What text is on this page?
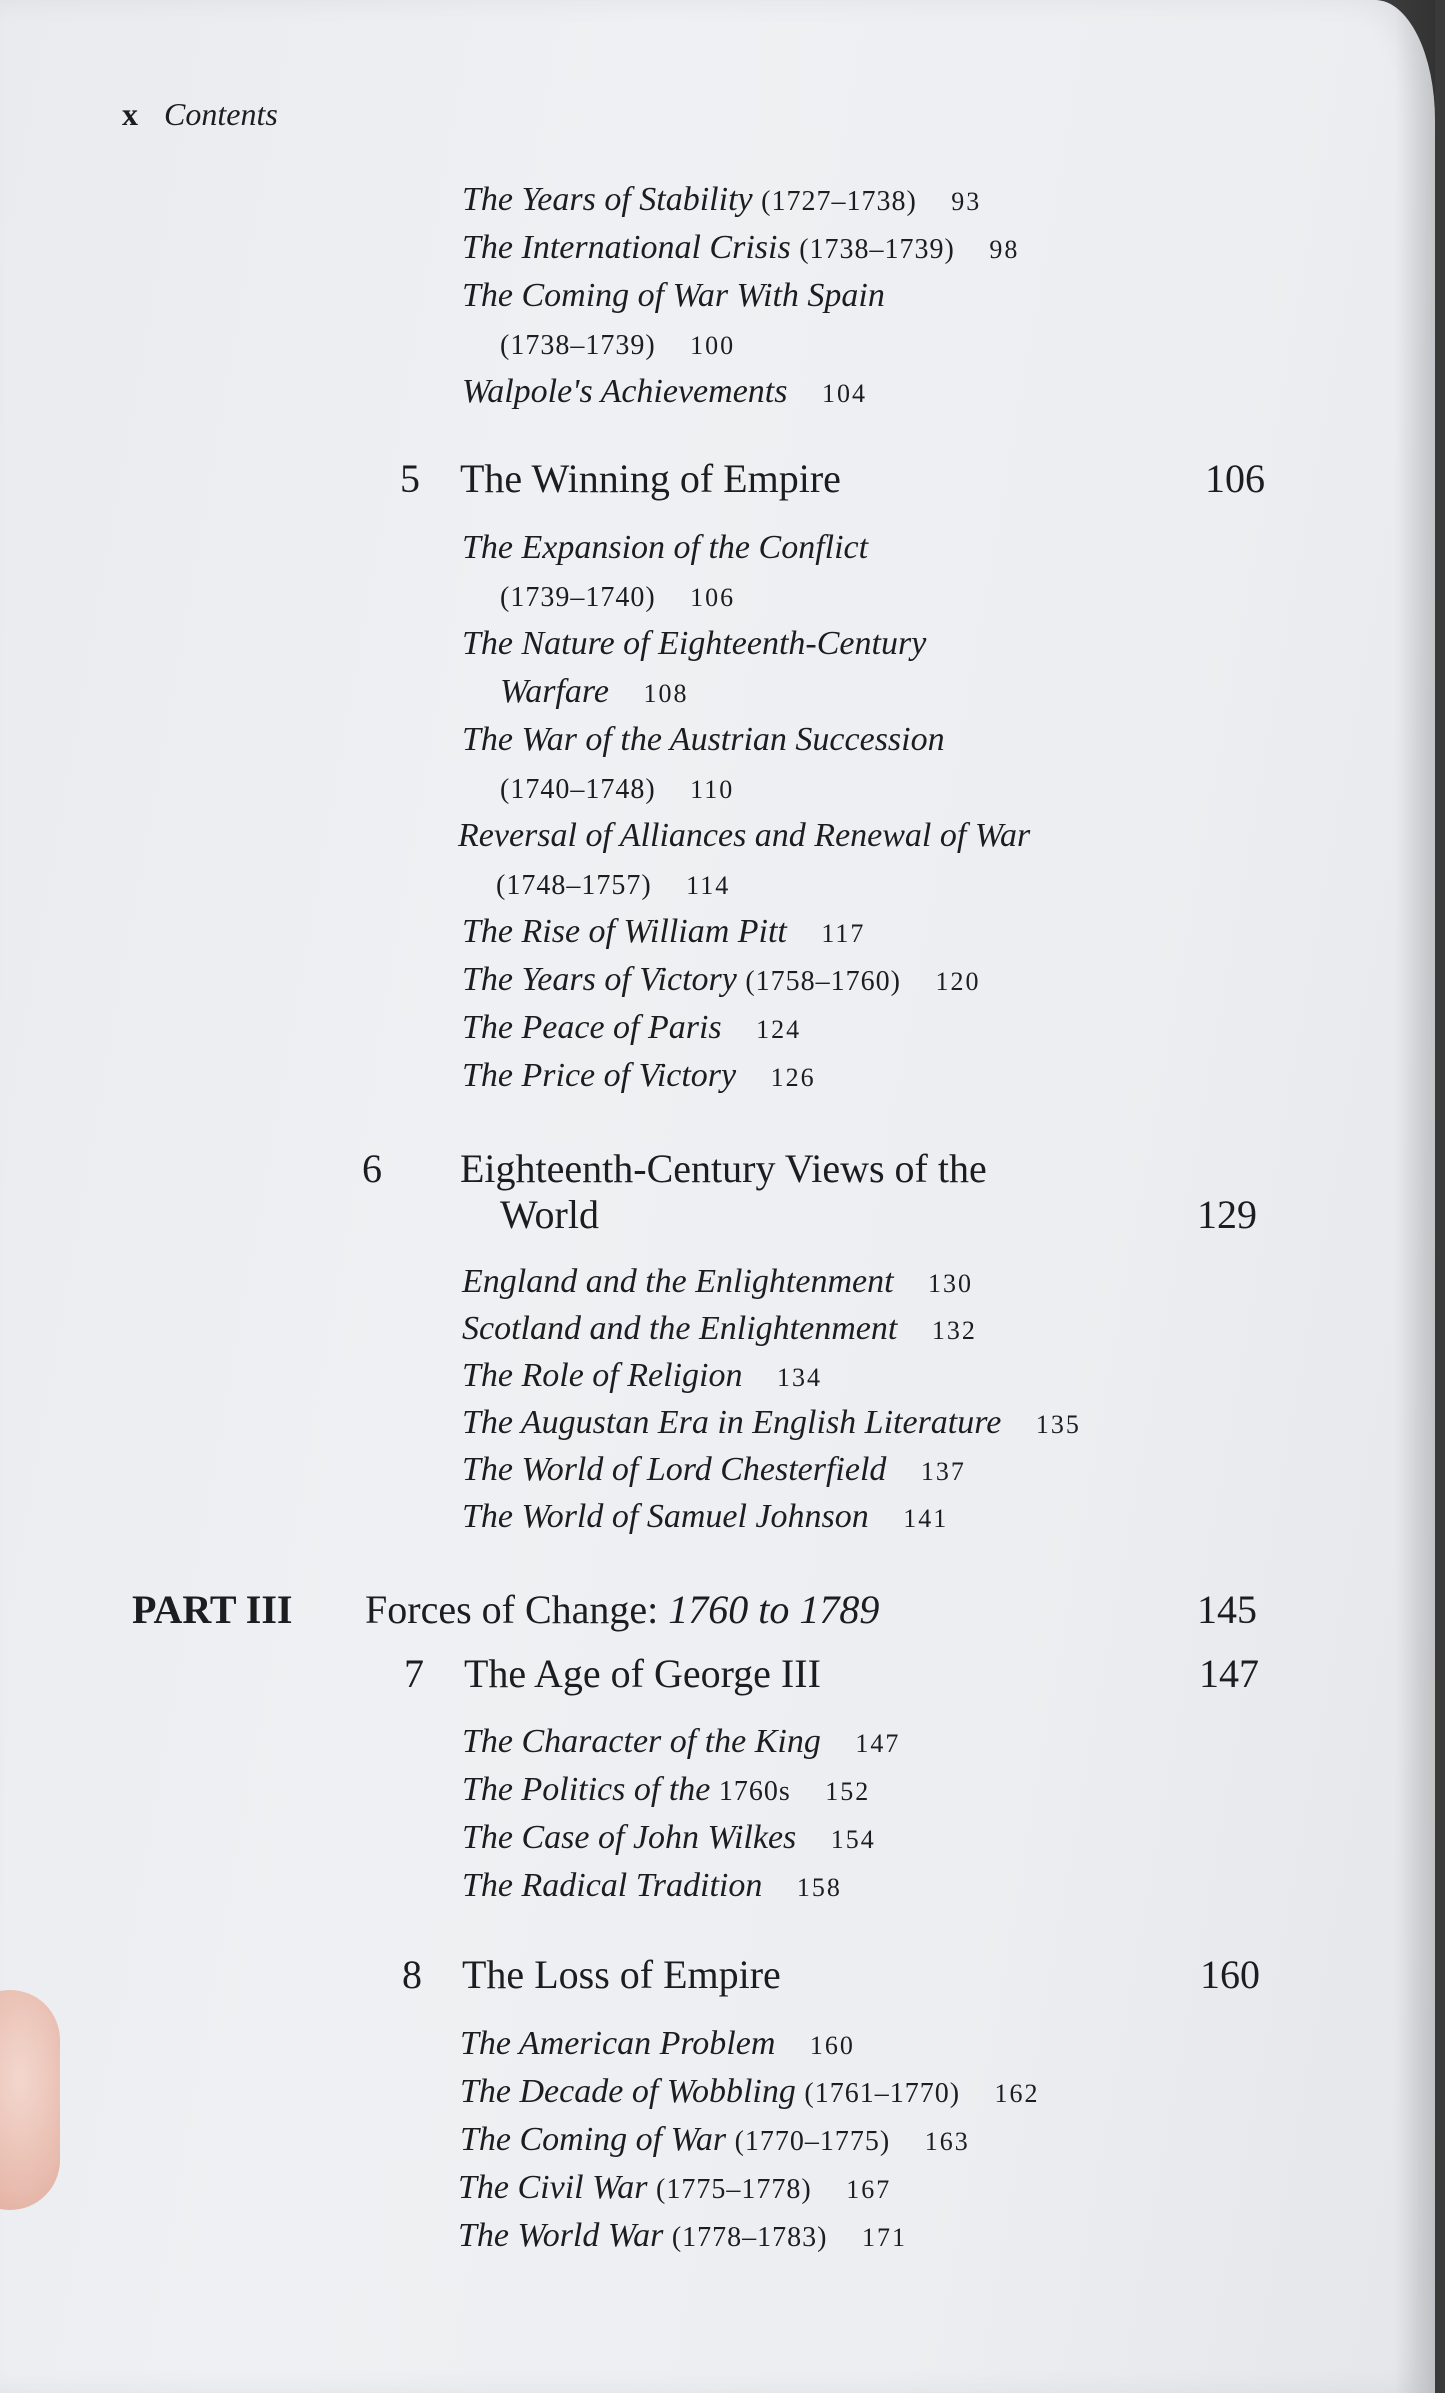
x Contents
The Years of Stability (1727–1738) 93
The International Crisis (1738–1739) 98
The Coming of War With Spain
(1738–1739) 100
Walpole's Achievements 104
5 The Winning of Empire	106
The Expansion of the Conflict
(1739–1740) 106
The Nature of Eighteenth-Century
Warfare 108
The War of the Austrian Succession
(1740–1748) 110
Reversal of Alliances and Renewal of War
(1748–1757) 114
The Rise of William Pitt 117
The Years of Victory (1758–1760) 120
The Peace of Paris 124
The Price of Victory 126
6 Eighteenth-Century Views of the
World	129
England and the Enlightenment 130
Scotland and the Enlightenment 132
The Role of Religion 134
The Augustan Era in English Literature 135
The World of Lord Chesterfield 137
The World of Samuel Johnson 141
PART III Forces of Change: 1760 to 1789	145
7 The Age of George III	147
The Character of the King 147
The Politics of the 1760s 152
The Case of John Wilkes 154
The Radical Tradition 158
8 The Loss of Empire	160
The American Problem 160
The Decade of Wobbling (1761–1770) 162
The Coming of War (1770–1775) 163
The Civil War (1775–1778) 167
The World War (1778–1783) 171
